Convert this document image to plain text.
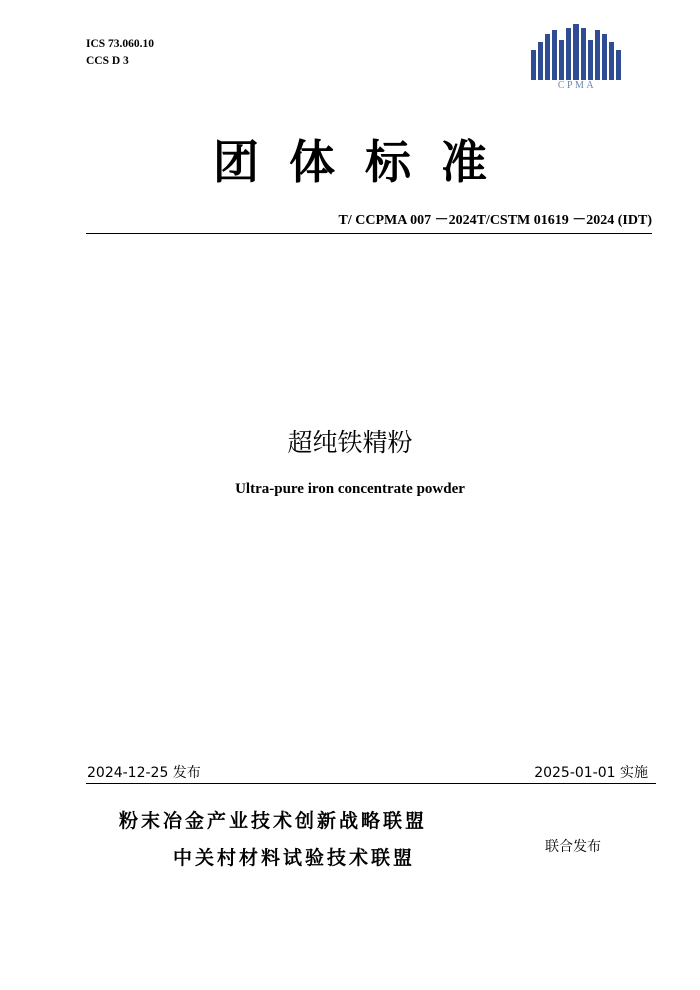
ICS 73.060.10
CCS D 3
CPMA
团体标准
T/ CCPMA 007 －2024T/CSTM 01619 －2024 (IDT)
超纯铁精粉
Ultra-pure iron concentrate powder
2024-12-25 发布	2025-01-01 实施
粉末冶金产业技术创新战略联盟
中关村材料试验技术联盟	联合发布
